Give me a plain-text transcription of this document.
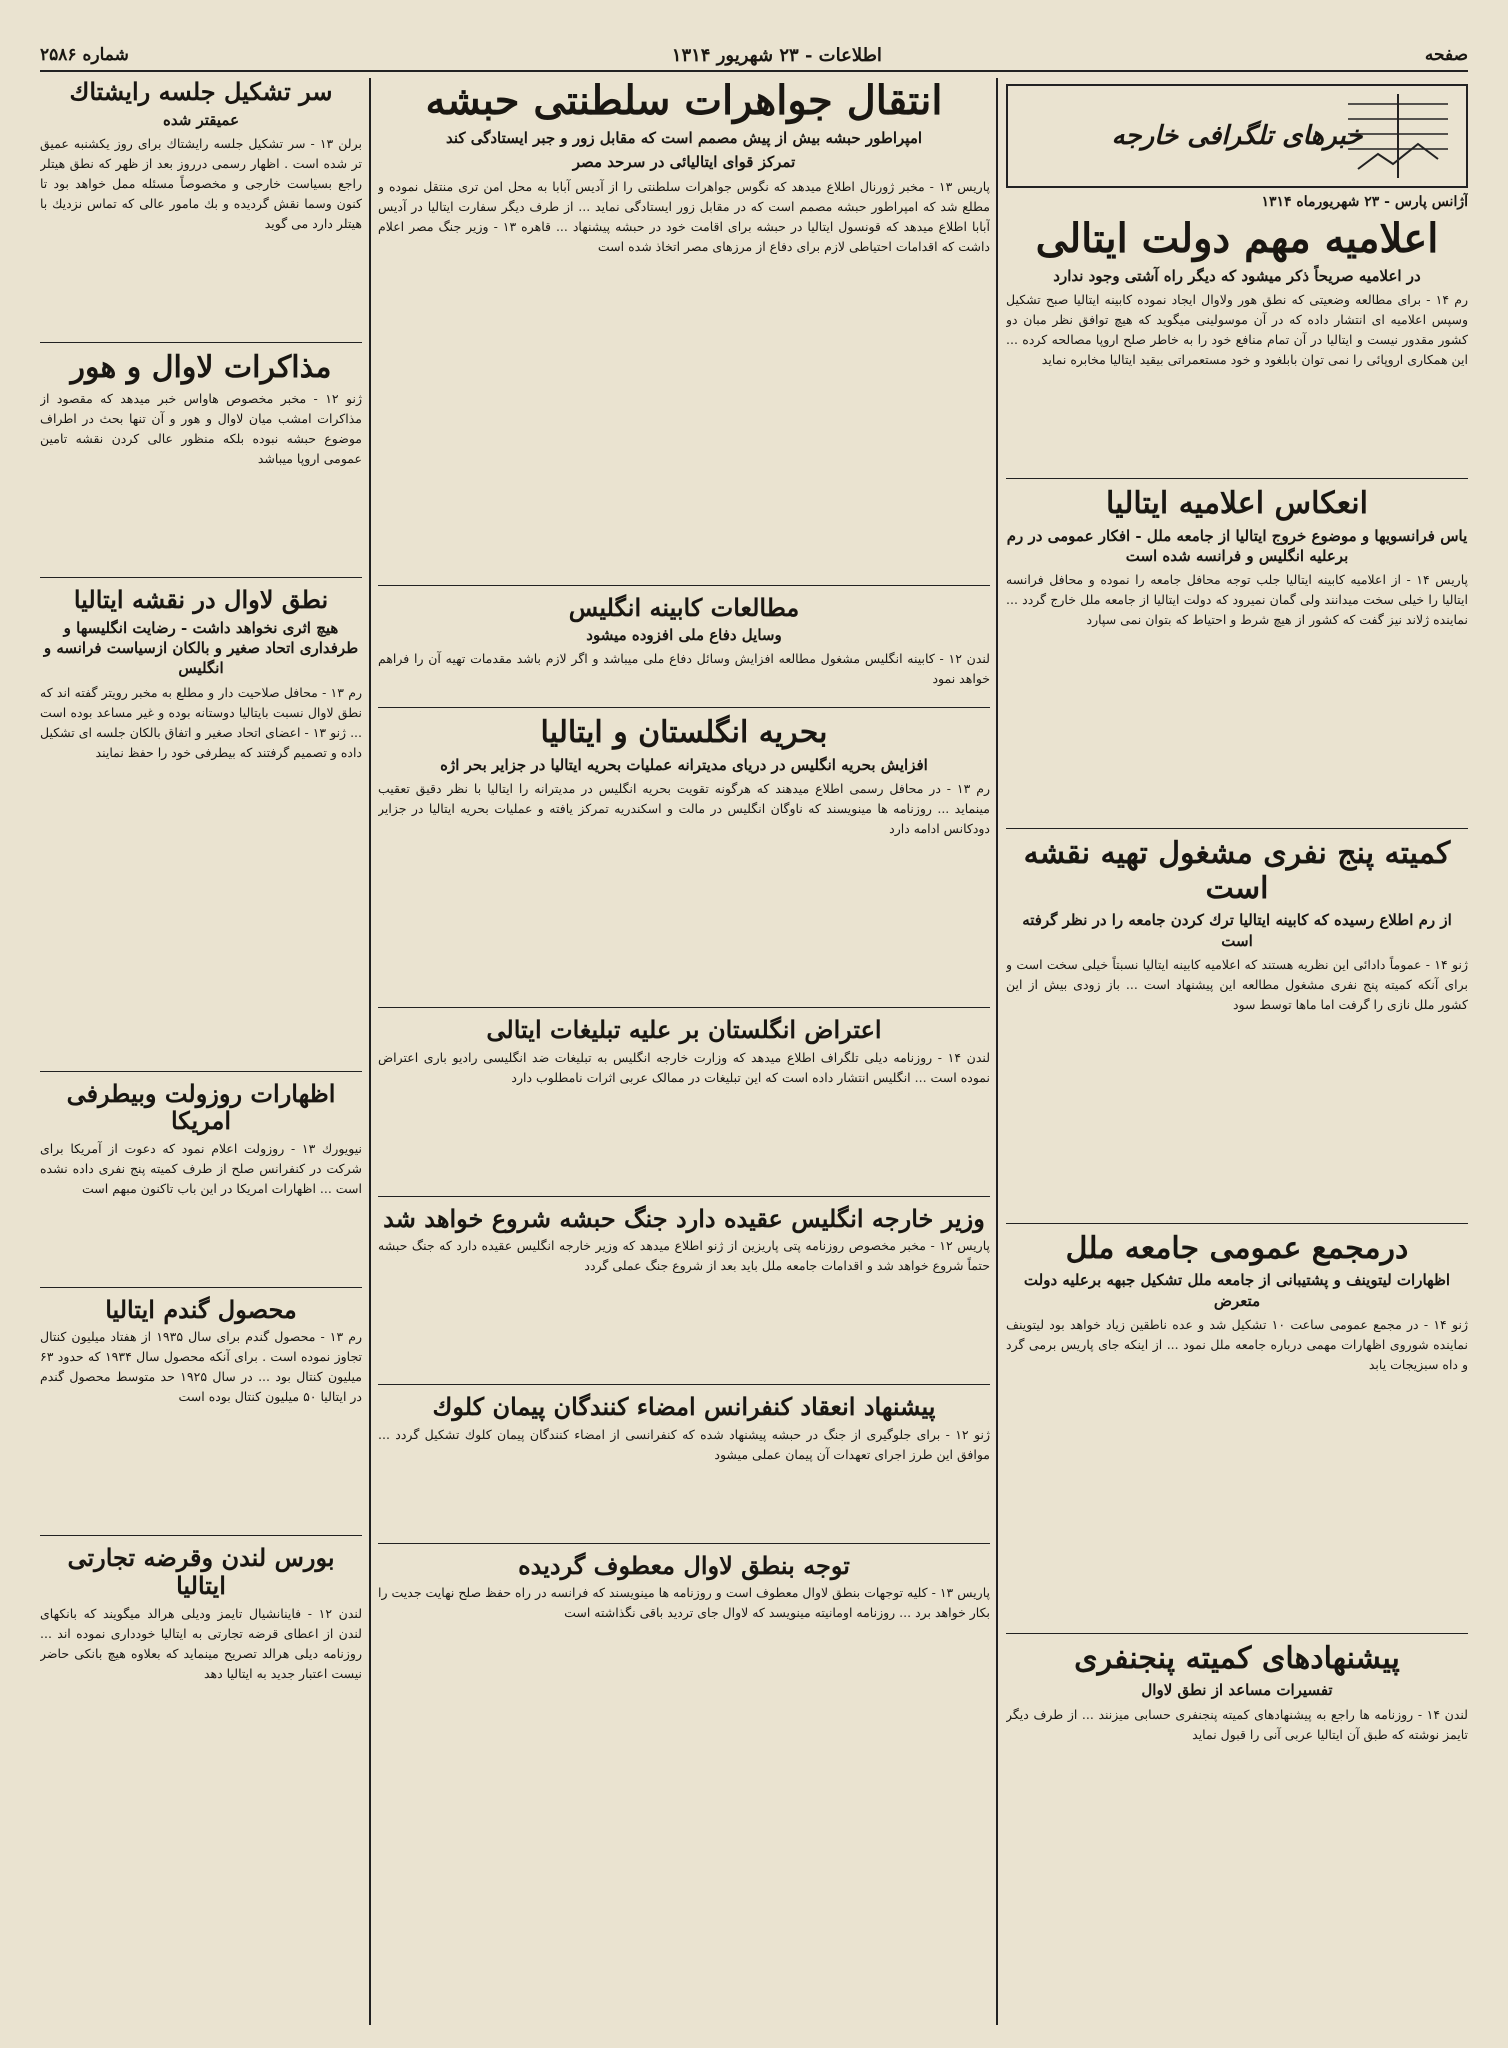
صفحه
اطلاعات - ۲۳ شهریور ۱۳۱۴
شماره ۲۵۸۶
خبرهای تلگرافی خارجه
آژانس پارس - ۲۳ شهریورماه ۱۳۱۴
اعلامیه مهم دولت ایتالی
در اعلامیه صریحاً ذکر میشود که دیگر راه آشتی وجود ندارد

رم ۱۴ - برای مطالعه وضعیتی که نطق هور ولاوال ایجاد نموده کابینه ایتالیا صبح تشکیل وسپس اعلامیه ای انتشار داده که در آن موسولینی میگوید که هیچ توافق نظر مبان دو کشور مقدور نیست و ایتالیا در آن تمام منافع خود را به خاطر صلح اروپا مصالحه کرده ... این همکاری اروپائی را نمی توان بابلغود و خود مستعمراتی بیقید ایتالیا مخابره نماید

انعکاس اعلامیه ایتالیا
یاس فرانسویها و موضوع خروج ایتالیا از جامعه ملل - افکار عمومی در رم برعلیه انگلیس و فرانسه شده است

پاریس ۱۴ - از اعلامیه کابینه ایتالیا جلب توجه محافل جامعه را نموده و محافل فرانسه ایتالیا را خیلی سخت میدانند ولی گمان نمیرود که دولت ایتالیا از جامعه ملل خارج گردد ... نماینده ژلاند نیز گفت که کشور از هیچ شرط و احتیاط که بتوان نمی سپارد

کمیته پنج نفری مشغول تهیه نقشه است
از رم اطلاع رسیده که کابینه ایتالیا ترك کردن جامعه را در نظر گرفته است

ژنو ۱۴ - عموماً دادائی این نظریه هستند که اعلامیه کابینه ایتالیا نسبتاً خیلی سخت است و برای آنکه کمیته پنج نفری مشغول مطالعه این پیشنهاد است ... باز زودی بیش از این کشور ملل نازی را گرفت اما ماها توسط سود

درمجمع عمومی جامعه ملل
اظهارات لیتوینف و پشتیبانی از جامعه ملل تشکیل جبهه برعلیه دولت متعرض

ژنو ۱۴ - در مجمع عمومی ساعت ۱۰ تشکیل شد و عده ناطقین زیاد خواهد بود لیتوینف نماینده شوروی اظهارات مهمی درباره جامعه ملل نمود ... از اینکه جای پاریس برمی گرد و داه سبزیجات یابد

پیشنهادهای کمیته پنجنفری
تفسیرات مساعد از نطق لاوال

لندن ۱۴ - روزنامه ها راجع به پیشنهادهای کمیته پنجنفری حسابی میزنند ... از طرف دیگر تایمز نوشته که طبق آن ایتالیا عربی آنی را قبول نماید

انتقال جواهرات سلطنتی حبشه
امپراطور حبشه بیش از پیش مصمم است که مقابل زور و جبر ایستادگی کند
تمرکز قوای ایتالیائی در سرحد مصر

پاریس ۱۳ - مخبر ژورنال اطلاع میدهد که نگوس جواهرات سلطنتی را از آدیس آبابا به محل امن تری منتقل نموده و مطلع شد که امپراطور حبشه مصمم است که در مقابل زور ایستادگی نماید ... از طرف دیگر سفارت ایتالیا در آدیس آبابا اطلاع میدهد که قونسول ایتالیا در حبشه برای اقامت خود در حبشه پیشنهاد ... قاهره ۱۳ - وزیر جنگ مصر اعلام داشت که اقدامات احتیاطی لازم برای دفاع از مرزهای مصر اتخاذ شده است

مطالعات کابینه انگلیس
وسایل دفاع ملی افزوده میشود

لندن ۱۲ - کابینه انگلیس مشغول مطالعه افزایش وسائل دفاع ملی میباشد و اگر لازم باشد مقدمات تهیه آن را فراهم خواهد نمود

بحریه انگلستان و ایتالیا
افزایش بحریه انگلیس در دریای مدیترانه عملیات بحریه ایتالیا در جزایر بحر اژه

رم ۱۳ - در محافل رسمی اطلاع میدهند که هرگونه تقویت بحریه انگلیس در مدیترانه را ایتالیا با نظر دقیق تعقیب مینماید ... روزنامه ها مینویسند که ناوگان انگلیس در مالت و اسکندریه تمرکز یافته و عملیات بحریه ایتالیا در جزایر دودکانس ادامه دارد

اعتراض انگلستان بر علیه تبلیغات ایتالی

لندن ۱۴ - روزنامه دیلی تلگراف اطلاع میدهد که وزارت خارجه انگلیس به تبلیغات ضد انگلیسی رادیو باری اعتراض نموده است ... انگلیس انتشار داده است که این تبلیغات در ممالک عربی اثرات نامطلوب دارد

وزیر خارجه انگلیس عقیده دارد جنگ حبشه شروع خواهد شد

پاریس ۱۲ - مخبر مخصوص روزنامه پتی پاریزین از ژنو اطلاع میدهد که وزیر خارجه انگلیس عقیده دارد که جنگ حبشه حتماً شروع خواهد شد و اقدامات جامعه ملل باید بعد از شروع جنگ عملی گردد

پیشنهاد انعقاد کنفرانس امضاء کنندگان پیمان کلوك

ژنو ۱۲ - برای جلوگیری از جنگ در حبشه پیشنهاد شده که کنفرانسی از امضاء کنندگان پیمان کلوك تشکیل گردد ... موافق این طرز اجرای تعهدات آن پیمان عملی میشود

توجه بنطق لاوال معطوف گردیده

پاریس ۱۳ - کلیه توجهات بنطق لاوال معطوف است و روزنامه ها مینویسند که فرانسه در راه حفظ صلح نهایت جدیت را بکار خواهد برد ... روزنامه اومانیته مینویسد که لاوال جای تردید باقی نگذاشته است

سر تشکیل جلسه رایشتاك
عمیقتر شده

برلن ۱۳ - سر تشکیل جلسه رایشتاك برای روز یکشنبه عمیق تر شده است . اظهار رسمی درروز بعد از ظهر که نطق هیتلر راجع بسیاست خارجی و مخصوصاً مسئله ممل خواهد بود تا کنون وسما نقش گردیده و بك مامور عالی که تماس نزدیك با هیتلر دارد می گوید

مذاکرات لاوال و هور

ژنو ۱۲ - مخبر مخصوص هاواس خبر میدهد که مقصود از مذاکرات امشب میان لاوال و هور و آن تنها بحث در اطراف موضوع حبشه نبوده بلکه منظور عالی کردن نقشه تامین عمومی اروپا میباشد

نطق لاوال در نقشه ایتالیا
هیچ اثری نخواهد داشت - رضایت انگلیسها و طرفداری اتحاد صغیر و بالکان ازسیاست فرانسه و انگلیس

رم ۱۳ - محافل صلاحیت دار و مطلع به مخبر رویتر گفته اند که نطق لاوال نسبت بایتالیا دوستانه بوده و غیر مساعد بوده است ... ژنو ۱۳ - اعضای اتحاد صغیر و اتفاق بالکان جلسه ای تشکیل داده و تصمیم گرفتند که بیطرفی خود را حفظ نمایند

اظهارات روزولت وبیطرفی امریکا

نیویورك ۱۳ - روزولت اعلام نمود که دعوت از آمریکا برای شرکت در کنفرانس صلح از طرف کمیته پنج نفری داده نشده است ... اظهارات امریکا در این باب تاکنون مبهم است

محصول گندم ایتالیا

رم ۱۳ - محصول گندم برای سال ۱۹۳۵ از هفتاد میلیون کنتال تجاوز نموده است . برای آنکه محصول سال ۱۹۳۴ که حدود ۶۳ میلیون کنتال بود ... در سال ۱۹۲۵ حد متوسط محصول گندم در ایتالیا ۵۰ میلیون کنتال بوده است

بورس لندن وقرضه تجارتی ایتالیا

لندن ۱۲ - فاینانشیال تایمز ودیلی هرالد میگویند که بانکهای لندن از اعطای قرضه تجارتی به ایتالیا خودداری نموده اند ... روزنامه دیلی هرالد تصریح مینماید که بعلاوه هیچ بانکی حاضر نیست اعتبار جدید به ایتالیا دهد
